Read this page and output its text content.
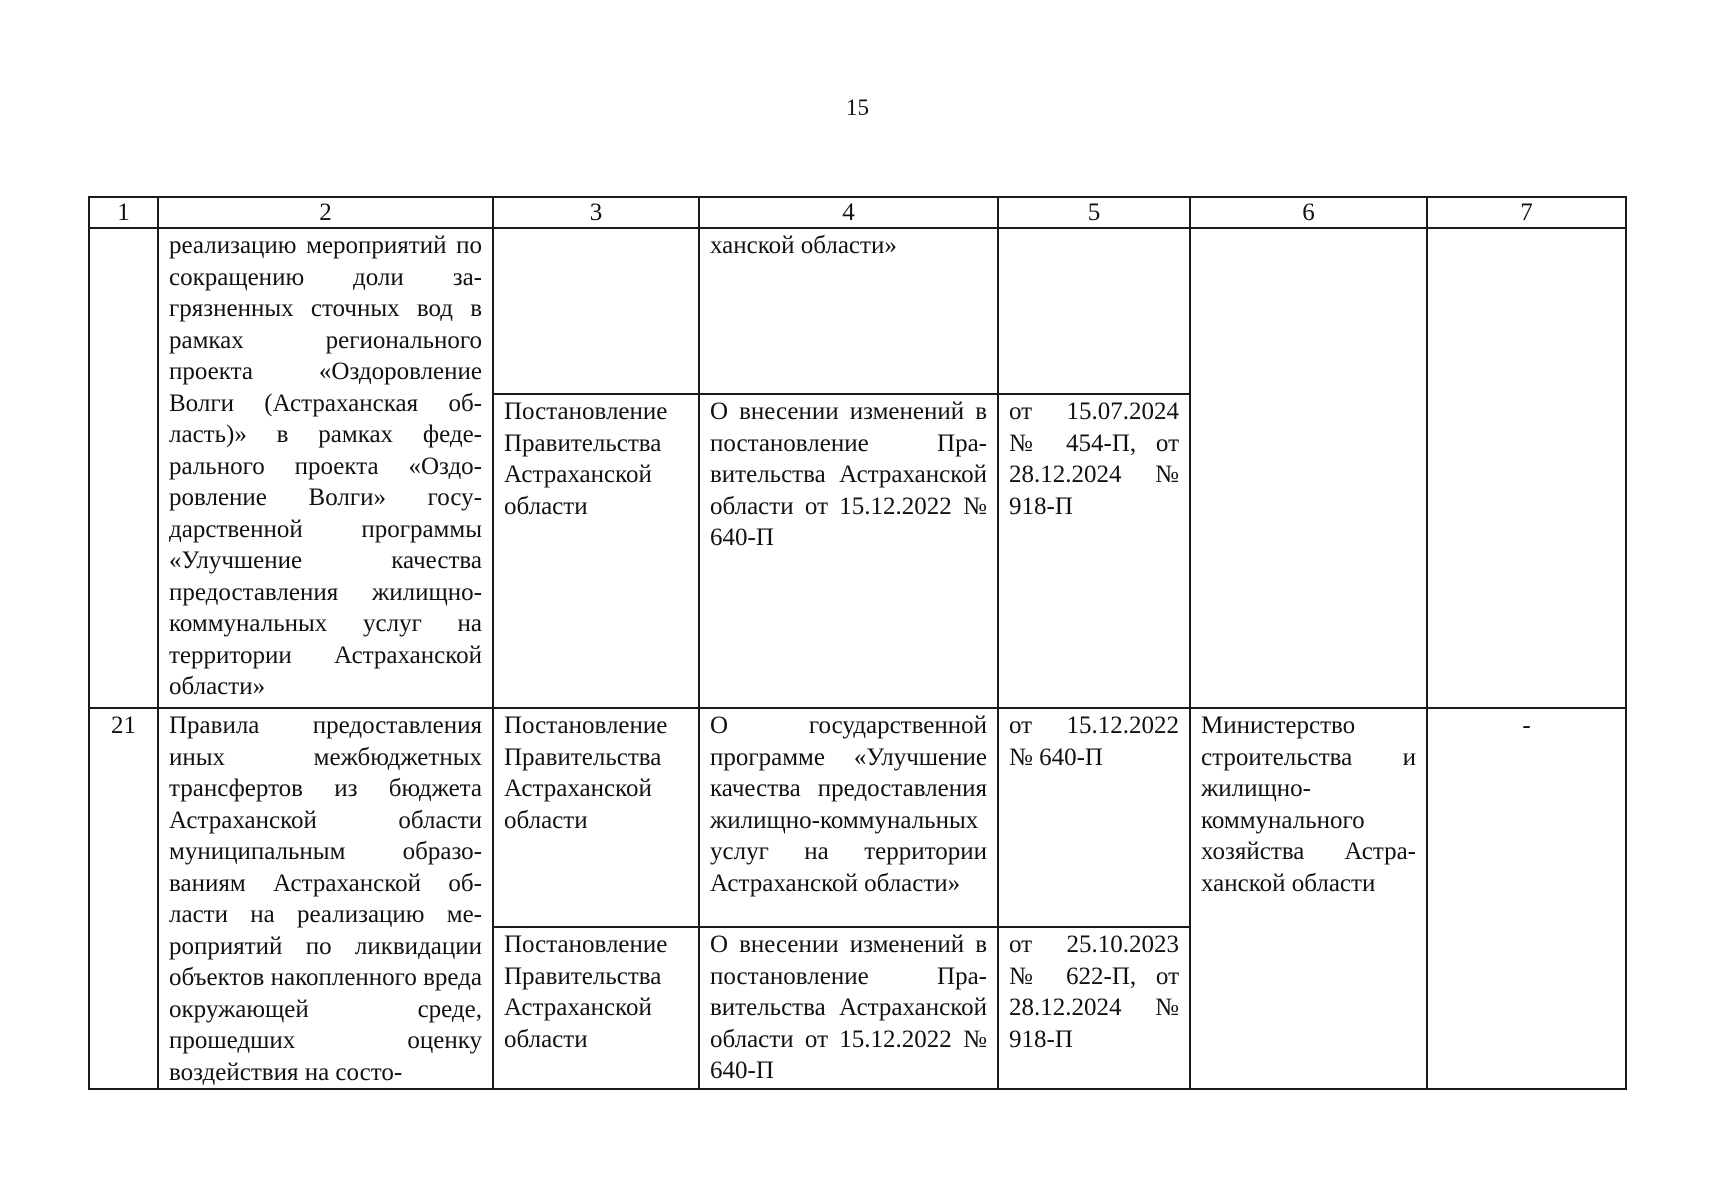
15
1	2	3	4	5	6	7
	реализацию мероприятий по сокращению доли загрязненных сточных вод в рамках регионального проекта «Оздоровление Волги (Астраханская область)» в рамках федерального проекта «Оздоровление Волги» государственной программы «Улучшение качества предоставления жилищно-коммунальных услуг на территории Астраханской области»		ханской области»			
		Постановление Правительства Астраханской области	О внесении изменений в постановление Правительства Астраханской области от 15.12.2022 № 640-П	от 15.07.2024 № 454-П, от 28.12.2024 № 918-П		
21	Правила предоставления иных межбюджетных трансфертов из бюджета Астраханской области муниципальным образованиям Астраханской области на реализацию мероприятий по ликвидации объектов накопленного вреда окружающей среде, прошедших оценку воздействия на состо-	Постановление Правительства Астраханской области	О государственной программе «Улучшение качества предоставления жилищно-коммунальных услуг на территории Астраханской области»	от 15.12.2022 № 640-П	Министерство строительства и жилищно-коммунального хозяйства Астраханской области	-
		Постановление Правительства Астраханской области	О внесении изменений в постановление Правительства Астраханской области от 15.12.2022 № 640-П	от 25.10.2023 № 622-П, от 28.12.2024 № 918-П		
